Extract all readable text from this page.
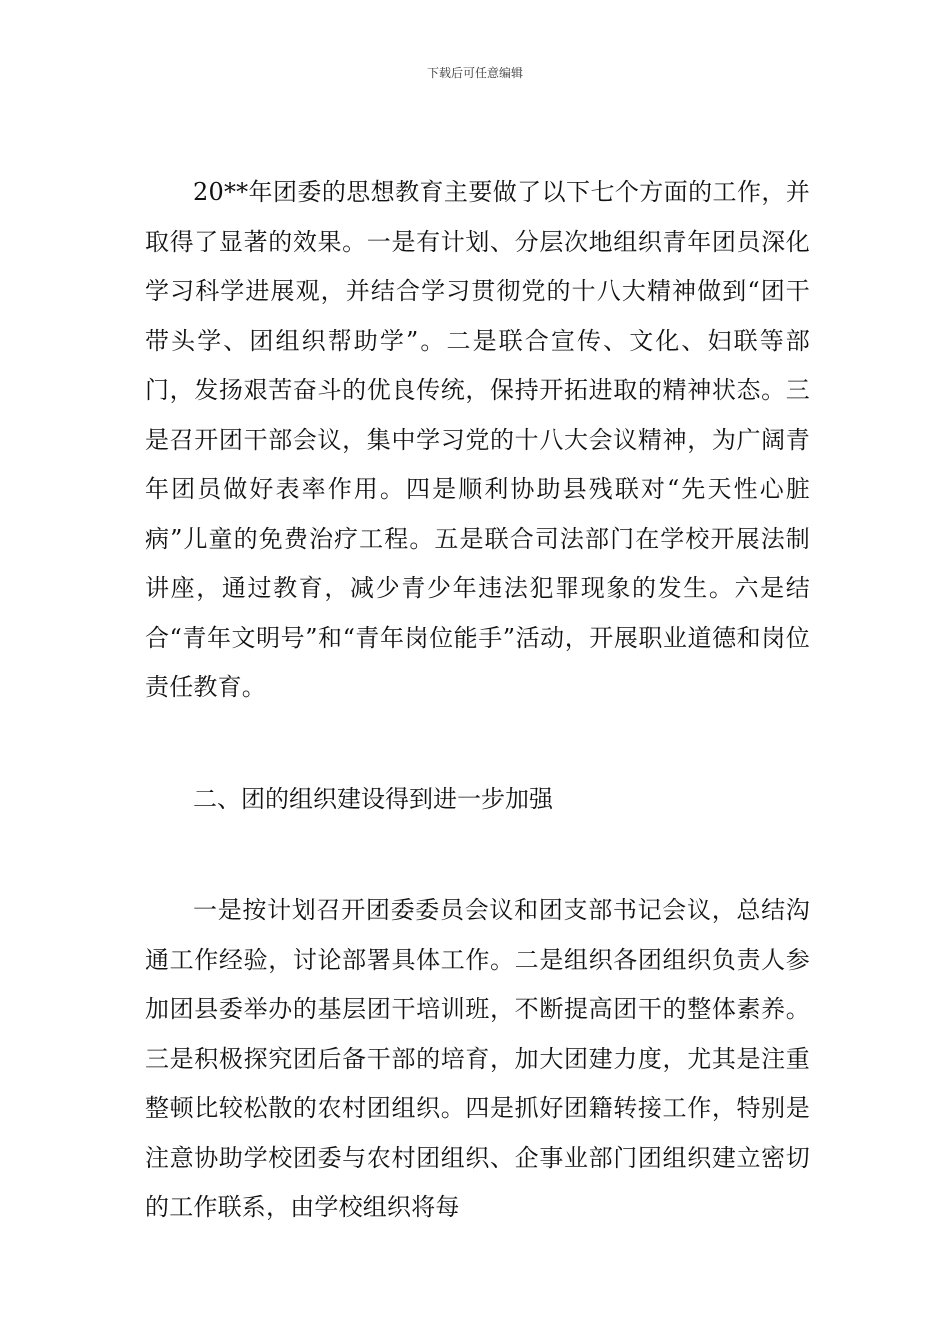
下载后可任意编辑

20**年团委的思想教育主要做了以下七个方面的工作，并取得了显著的效果。一是有计划、分层次地组织青年团员深化学习科学进展观，并结合学习贯彻党的十八大精神做到“团干带头学、团组织帮助学”。二是联合宣传、文化、妇联等部门，发扬艰苦奋斗的优良传统，保持开拓进取的精神状态。三是召开团干部会议，集中学习党的十八大会议精神，为广阔青年团员做好表率作用。四是顺利协助县残联对“先天性心脏病”儿童的免费治疗工程。五是联合司法部门在学校开展法制讲座，通过教育，减少青少年违法犯罪现象的发生。六是结合“青年文明号”和“青年岗位能手”活动，开展职业道德和岗位责任教育。

二、团的组织建设得到进一步加强

一是按计划召开团委委员会议和团支部书记会议，总结沟通工作经验，讨论部署具体工作。二是组织各团组织负责人参加团县委举办的基层团干培训班，不断提高团干的整体素养。三是积极探究团后备干部的培育，加大团建力度，尤其是注重整顿比较松散的农村团组织。四是抓好团籍转接工作，特别是注意协助学校团委与农村团组织、企事业部门团组织建立密切的工作联系，由学校组织将每
